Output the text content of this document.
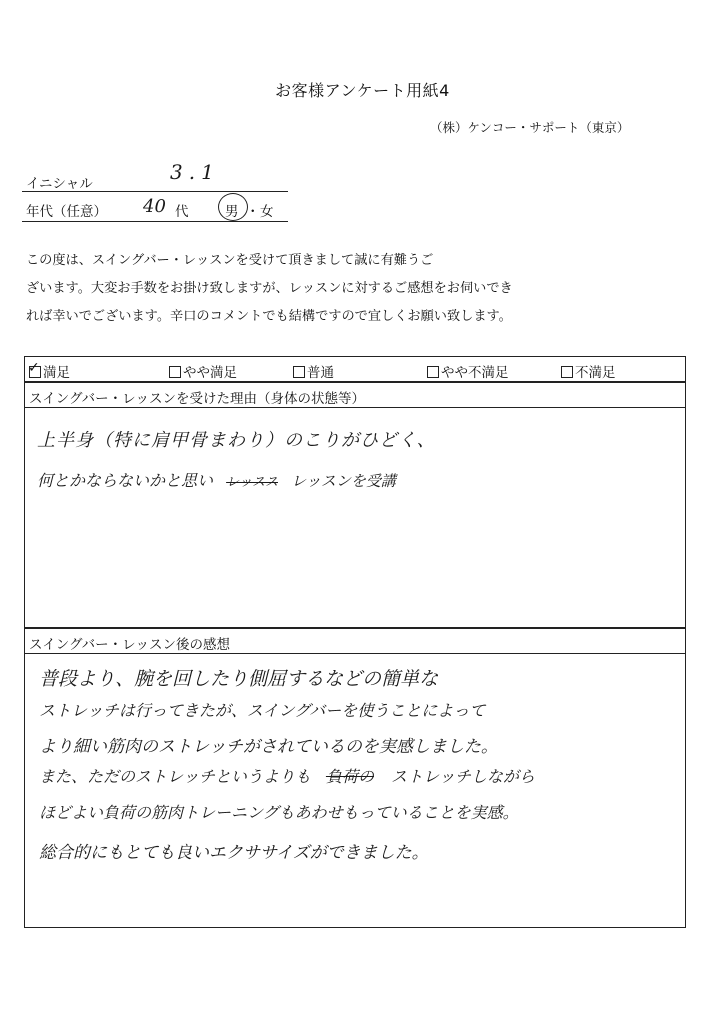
お客様アンケート用紙4
（株）ケンコー・サポート（東京）
イニシャル	3.1
年代（任意） 40 代	男 ・ 女
この度は、スイングバー・レッスンを受けて頂きまして誠に有難うご
ざいます。大変お手数をお掛け致しますが、レッスンに対するご感想をお伺いでき
れば幸いでございます。辛口のコメントでも結構ですので宜しくお願い致します。
✓ 満足	やや満足	普通	やや不満足	不満足
スイングバー・レッスンを受けた理由（身体の状態等）
上半身（特に肩甲骨まわり）のこりがひどく、
何とかならないかと思い レッスス レッスンを受講
スイングバー・レッスン後の感想
普段より、腕を回したり側屈するなどの簡単な
ストレッチは行ってきたが、スイングバーを使うことによって
より細い筋肉のストレッチがされているのを実感しました。
また、ただのストレッチというよりも 負荷の ストレッチしながら
ほどよい負荷の筋肉トレーニングもあわせもっていることを実感。
総合的にもとても良いエクササイズができました。
